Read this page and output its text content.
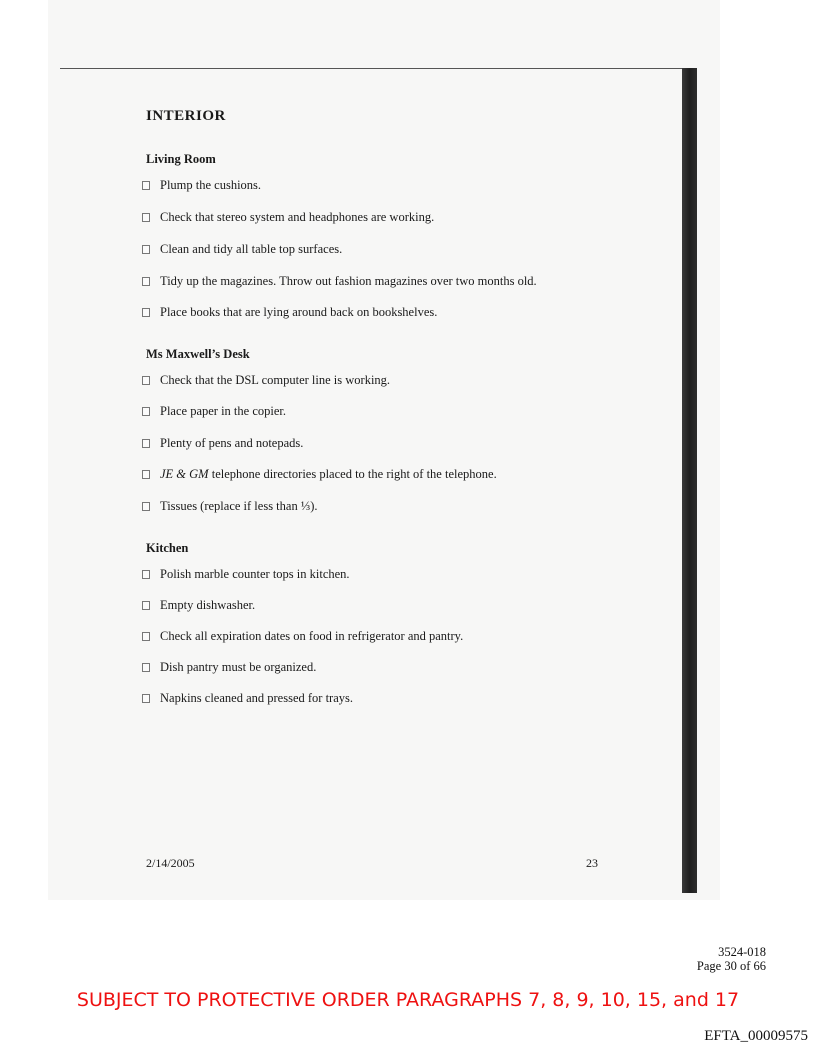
INTERIOR
Living Room
Plump the cushions.
Check that stereo system and headphones are working.
Clean and tidy all table top surfaces.
Tidy up the magazines. Throw out fashion magazines over two months old.
Place books that are lying around back on bookshelves.
Ms Maxwell’s Desk
Check that the DSL computer line is working.
Place paper in the copier.
Plenty of pens and notepads.
JE & GM
telephone directories placed to the right of the telephone.
Tissues (replace if less than ⅓).
Kitchen
Polish marble counter tops in kitchen.
Empty dishwasher.
Check all expiration dates on food in refrigerator and pantry.
Dish pantry must be organized.
Napkins cleaned and pressed for trays.
2/14/2005	23
3524-018
Page 30 of 66
SUBJECT TO PROTECTIVE ORDER PARAGRAPHS 7, 8, 9, 10, 15, and 17
EFTA_00009575
